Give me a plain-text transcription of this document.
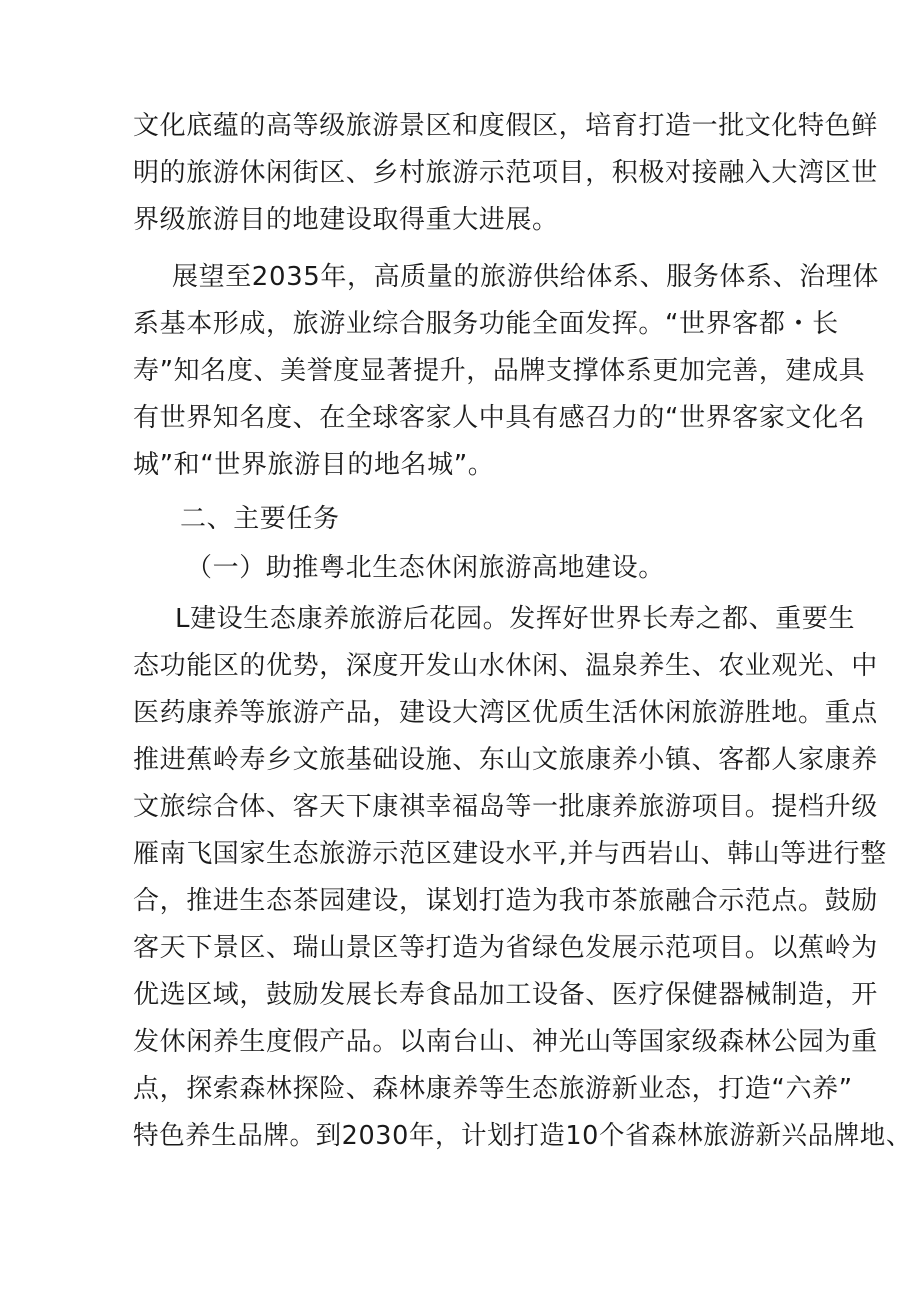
文化底蕴的高等级旅游景区和度假区，培育打造一批文化特色鲜
明的旅游休闲街区、乡村旅游示范项目，积极对接融入大湾区世
界级旅游目的地建设取得重大进展。
展望至2035年，高质量的旅游供给体系、服务体系、治理体
系基本形成，旅游业综合服务功能全面发挥。“世界客都・长
寿”知名度、美誉度显著提升，品牌支撑体系更加完善，建成具
有世界知名度、在全球客家人中具有感召力的“世界客家文化名
城”和“世界旅游目的地名城”。
二、主要任务
（一）助推粤北生态休闲旅游高地建设。
L建设生态康养旅游后花园。发挥好世界长寿之都、重要生
态功能区的优势，深度开发山水休闲、温泉养生、农业观光、中
医药康养等旅游产品，建设大湾区优质生活休闲旅游胜地。重点
推进蕉岭寿乡文旅基础设施、东山文旅康养小镇、客都人家康养
文旅综合体、客天下康祺幸福岛等一批康养旅游项目。提档升级
雁南飞国家生态旅游示范区建设水平,并与西岩山、韩山等进行整
合，推进生态茶园建设，谋划打造为我市茶旅融合示范点。鼓励
客天下景区、瑞山景区等打造为省绿色发展示范项目。以蕉岭为
优选区域，鼓励发展长寿食品加工设备、医疗保健器械制造，开
发休闲养生度假产品。以南台山、神光山等国家级森林公园为重
点，探索森林探险、森林康养等生态旅游新业态，打造“六养”
特色养生品牌。到2030年，计划打造10个省森林旅游新兴品牌地、
